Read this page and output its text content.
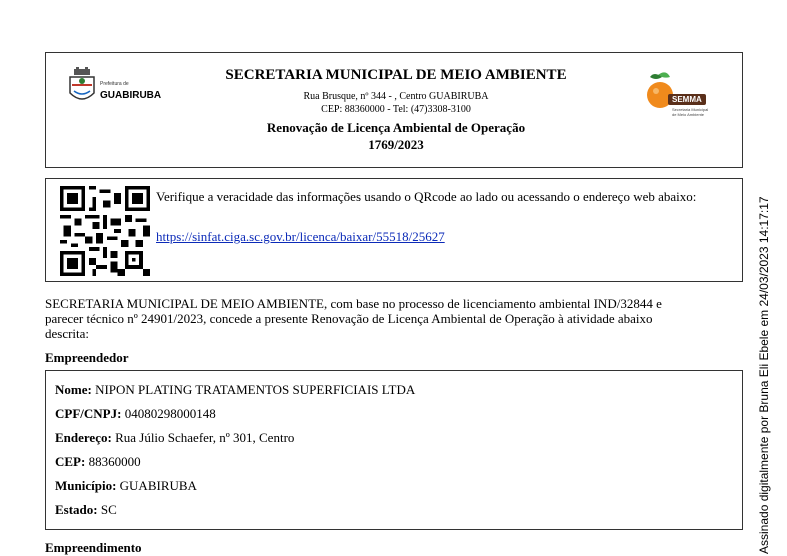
Prefeitura de
GUABIRUBA
SECRETARIA MUNICIPAL DE MEIO AMBIENTE
Rua Brusque, nº 344 - , Centro GUABIRUBA
CEP: 88360000 - Tel: (47)3308-3100
Renovação de Licença Ambiental de Operação
1769/2023
SEMMA
Secretaria Municipal de Meio Ambiente
Verifique a veracidade das informações usando o QRcode ao lado ou acessando o endereço web abaixo:
https://sinfat.ciga.sc.gov.br/licenca/baixar/55518/25627

SECRETARIA MUNICIPAL DE MEIO AMBIENTE, com base no processo de licenciamento ambiental IND/32844 e

parecer técnico nº 24901/2023, concede a presente Renovação de Licença Ambiental de Operação à atividade abaixo

descrita:

Empreendedor
Nome: NIPON PLATING TRATAMENTOS SUPERFICIAIS LTDA
CPF/CNPJ: 04080298000148
Endereço: Rua Júlio Schaefer, nº 301, Centro
CEP: 88360000
Município: GUABIRUBA
Estado: SC
Empreendimento	Assinado digitalmente por Bruna Eli Ebele em 24/03/2023 14:17:17
